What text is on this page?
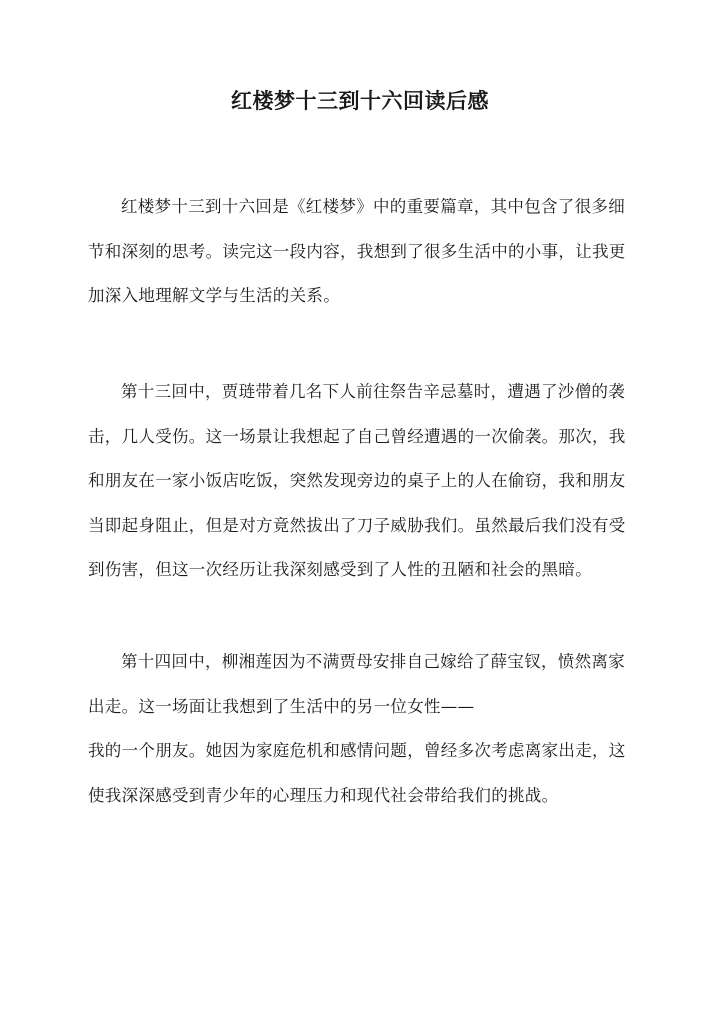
红楼梦十三到十六回读后感
红楼梦十三到十六回是《红楼梦》中的重要篇章，其中包含了很多细
节和深刻的思考。读完这一段内容，我想到了很多生活中的小事，让我更
加深入地理解文学与生活的关系。
第十三回中，贾琏带着几名下人前往祭告辛忌墓时，遭遇了沙僧的袭
击，几人受伤。这一场景让我想起了自己曾经遭遇的一次偷袭。那次，我
和朋友在一家小饭店吃饭，突然发现旁边的桌子上的人在偷窃，我和朋友
当即起身阻止，但是对方竟然拔出了刀子威胁我们。虽然最后我们没有受
到伤害，但这一次经历让我深刻感受到了人性的丑陋和社会的黑暗。
第十四回中，柳湘莲因为不满贾母安排自己嫁给了薛宝钗，愤然离家
出走。这一场面让我想到了生活中的另一位女性——
我的一个朋友。她因为家庭危机和感情问题，曾经多次考虑离家出走，这
使我深深感受到青少年的心理压力和现代社会带给我们的挑战。
